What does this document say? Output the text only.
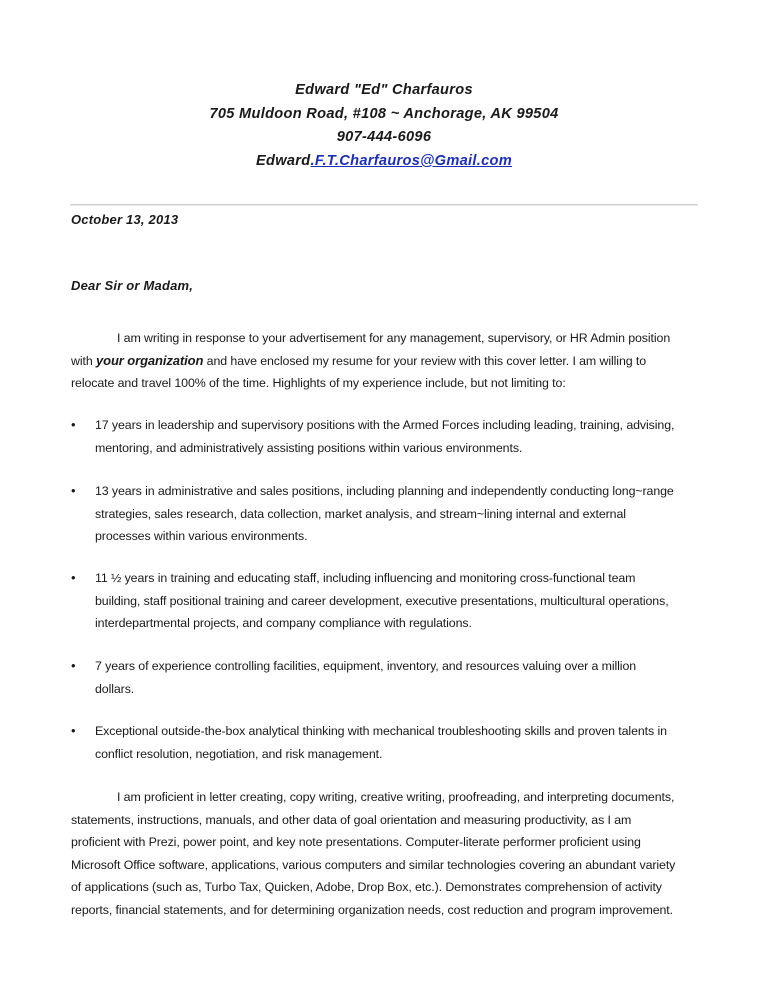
Edward "Ed" Charfauros
705 Muldoon Road, #108 ~ Anchorage, AK 99504
907-444-6096
Edward.F.T.Charfauros@Gmail.com
October 13, 2013
Dear Sir or Madam,
I am writing in response to your advertisement for any management, supervisory, or HR Admin position
with your organization and have enclosed my resume for your review with this cover letter. I am willing to
relocate and travel 100% of the time. Highlights of my experience include, but not limiting to:
•	17 years in leadership and supervisory positions with the Armed Forces including leading, training, advising,
mentoring, and administratively assisting positions within various environments.
•	13 years in administrative and sales positions, including planning and independently conducting long~range
strategies, sales research, data collection, market analysis, and stream~lining internal and external
processes within various environments.
•	11 ½ years in training and educating staff, including influencing and monitoring cross-functional team
building, staff positional training and career development, executive presentations, multicultural operations,
interdepartmental projects, and company compliance with regulations.
•	7 years of experience controlling facilities, equipment, inventory, and resources valuing over a million
dollars.
•	Exceptional outside-the-box analytical thinking with mechanical troubleshooting skills and proven talents in
conflict resolution, negotiation, and risk management.
I am proficient in letter creating, copy writing, creative writing, proofreading, and interpreting documents,
statements, instructions, manuals, and other data of goal orientation and measuring productivity, as I am
proficient with Prezi, power point, and key note presentations. Computer-literate performer proficient using
Microsoft Office software, applications, various computers and similar technologies covering an abundant variety
of applications (such as, Turbo Tax, Quicken, Adobe, Drop Box, etc.). Demonstrates comprehension of activity
reports, financial statements, and for determining organization needs, cost reduction and program improvement.
